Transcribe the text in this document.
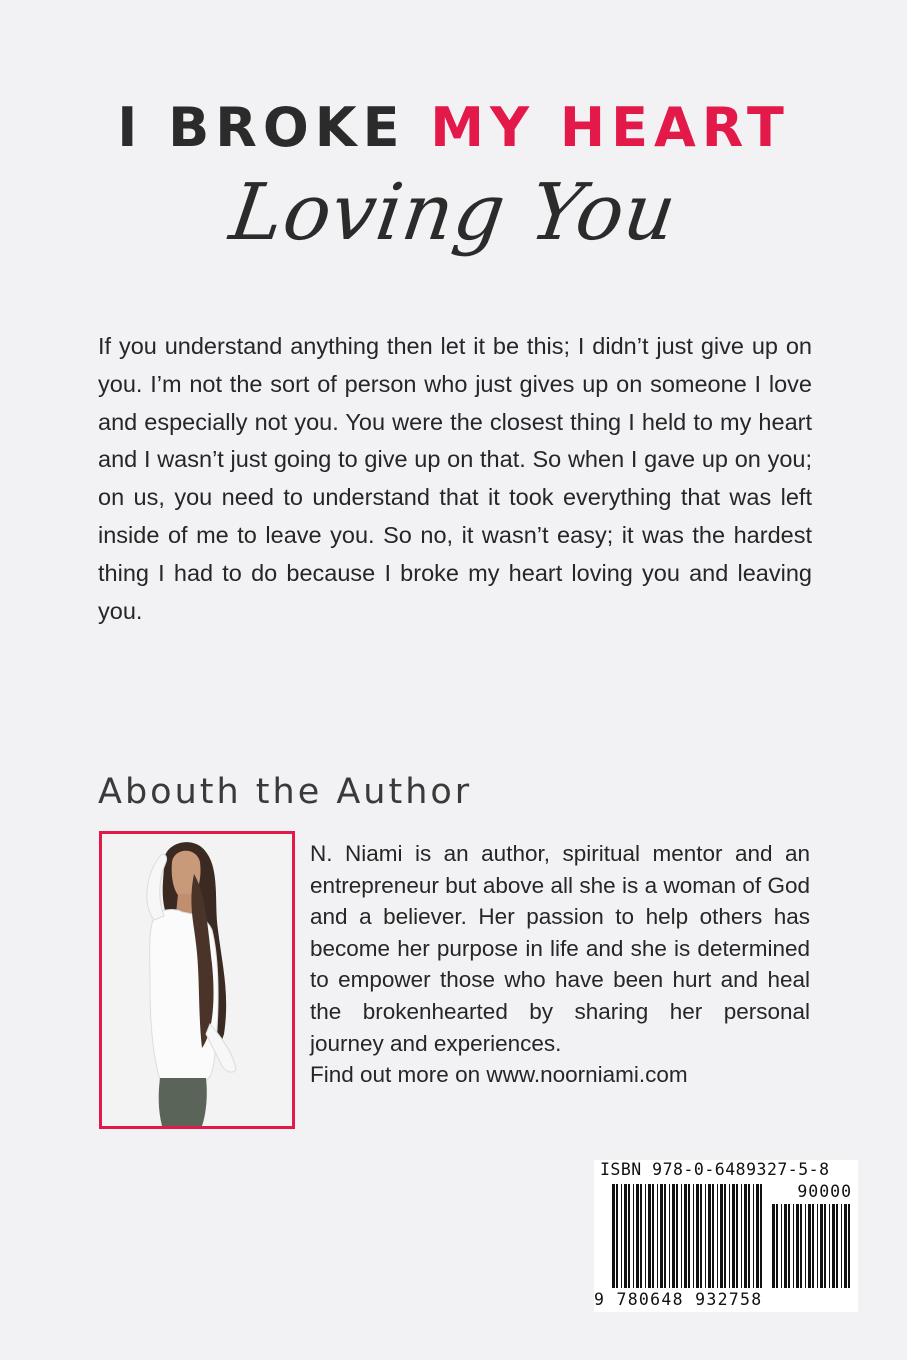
I BROKE MY HEART
Loving You
If you understand anything then let it be this; I didn’t just give up on you. I’m not the sort of person who just gives up on someone I love and especially not you. You were the closest thing I held to my heart and I wasn’t just going to give up on that. So when I gave up on you; on us, you need to understand that it took everything that was left inside of me to leave you. So no, it wasn’t easy; it was the hardest thing I had to do because I broke my heart loving you and leaving you.
Abouth the Author
N. Niami is an author, spiritual mentor and an entrepreneur but above all she is a woman of God and a believer. Her passion to help others has become her purpose in life and she is determined to empower those who have been hurt and heal the brokenhearted by sharing her personal journey and experiences.
Find out more on www.noorniami.com
ISBN 978-0-6489327-5-8
90000
9 780648 932758
